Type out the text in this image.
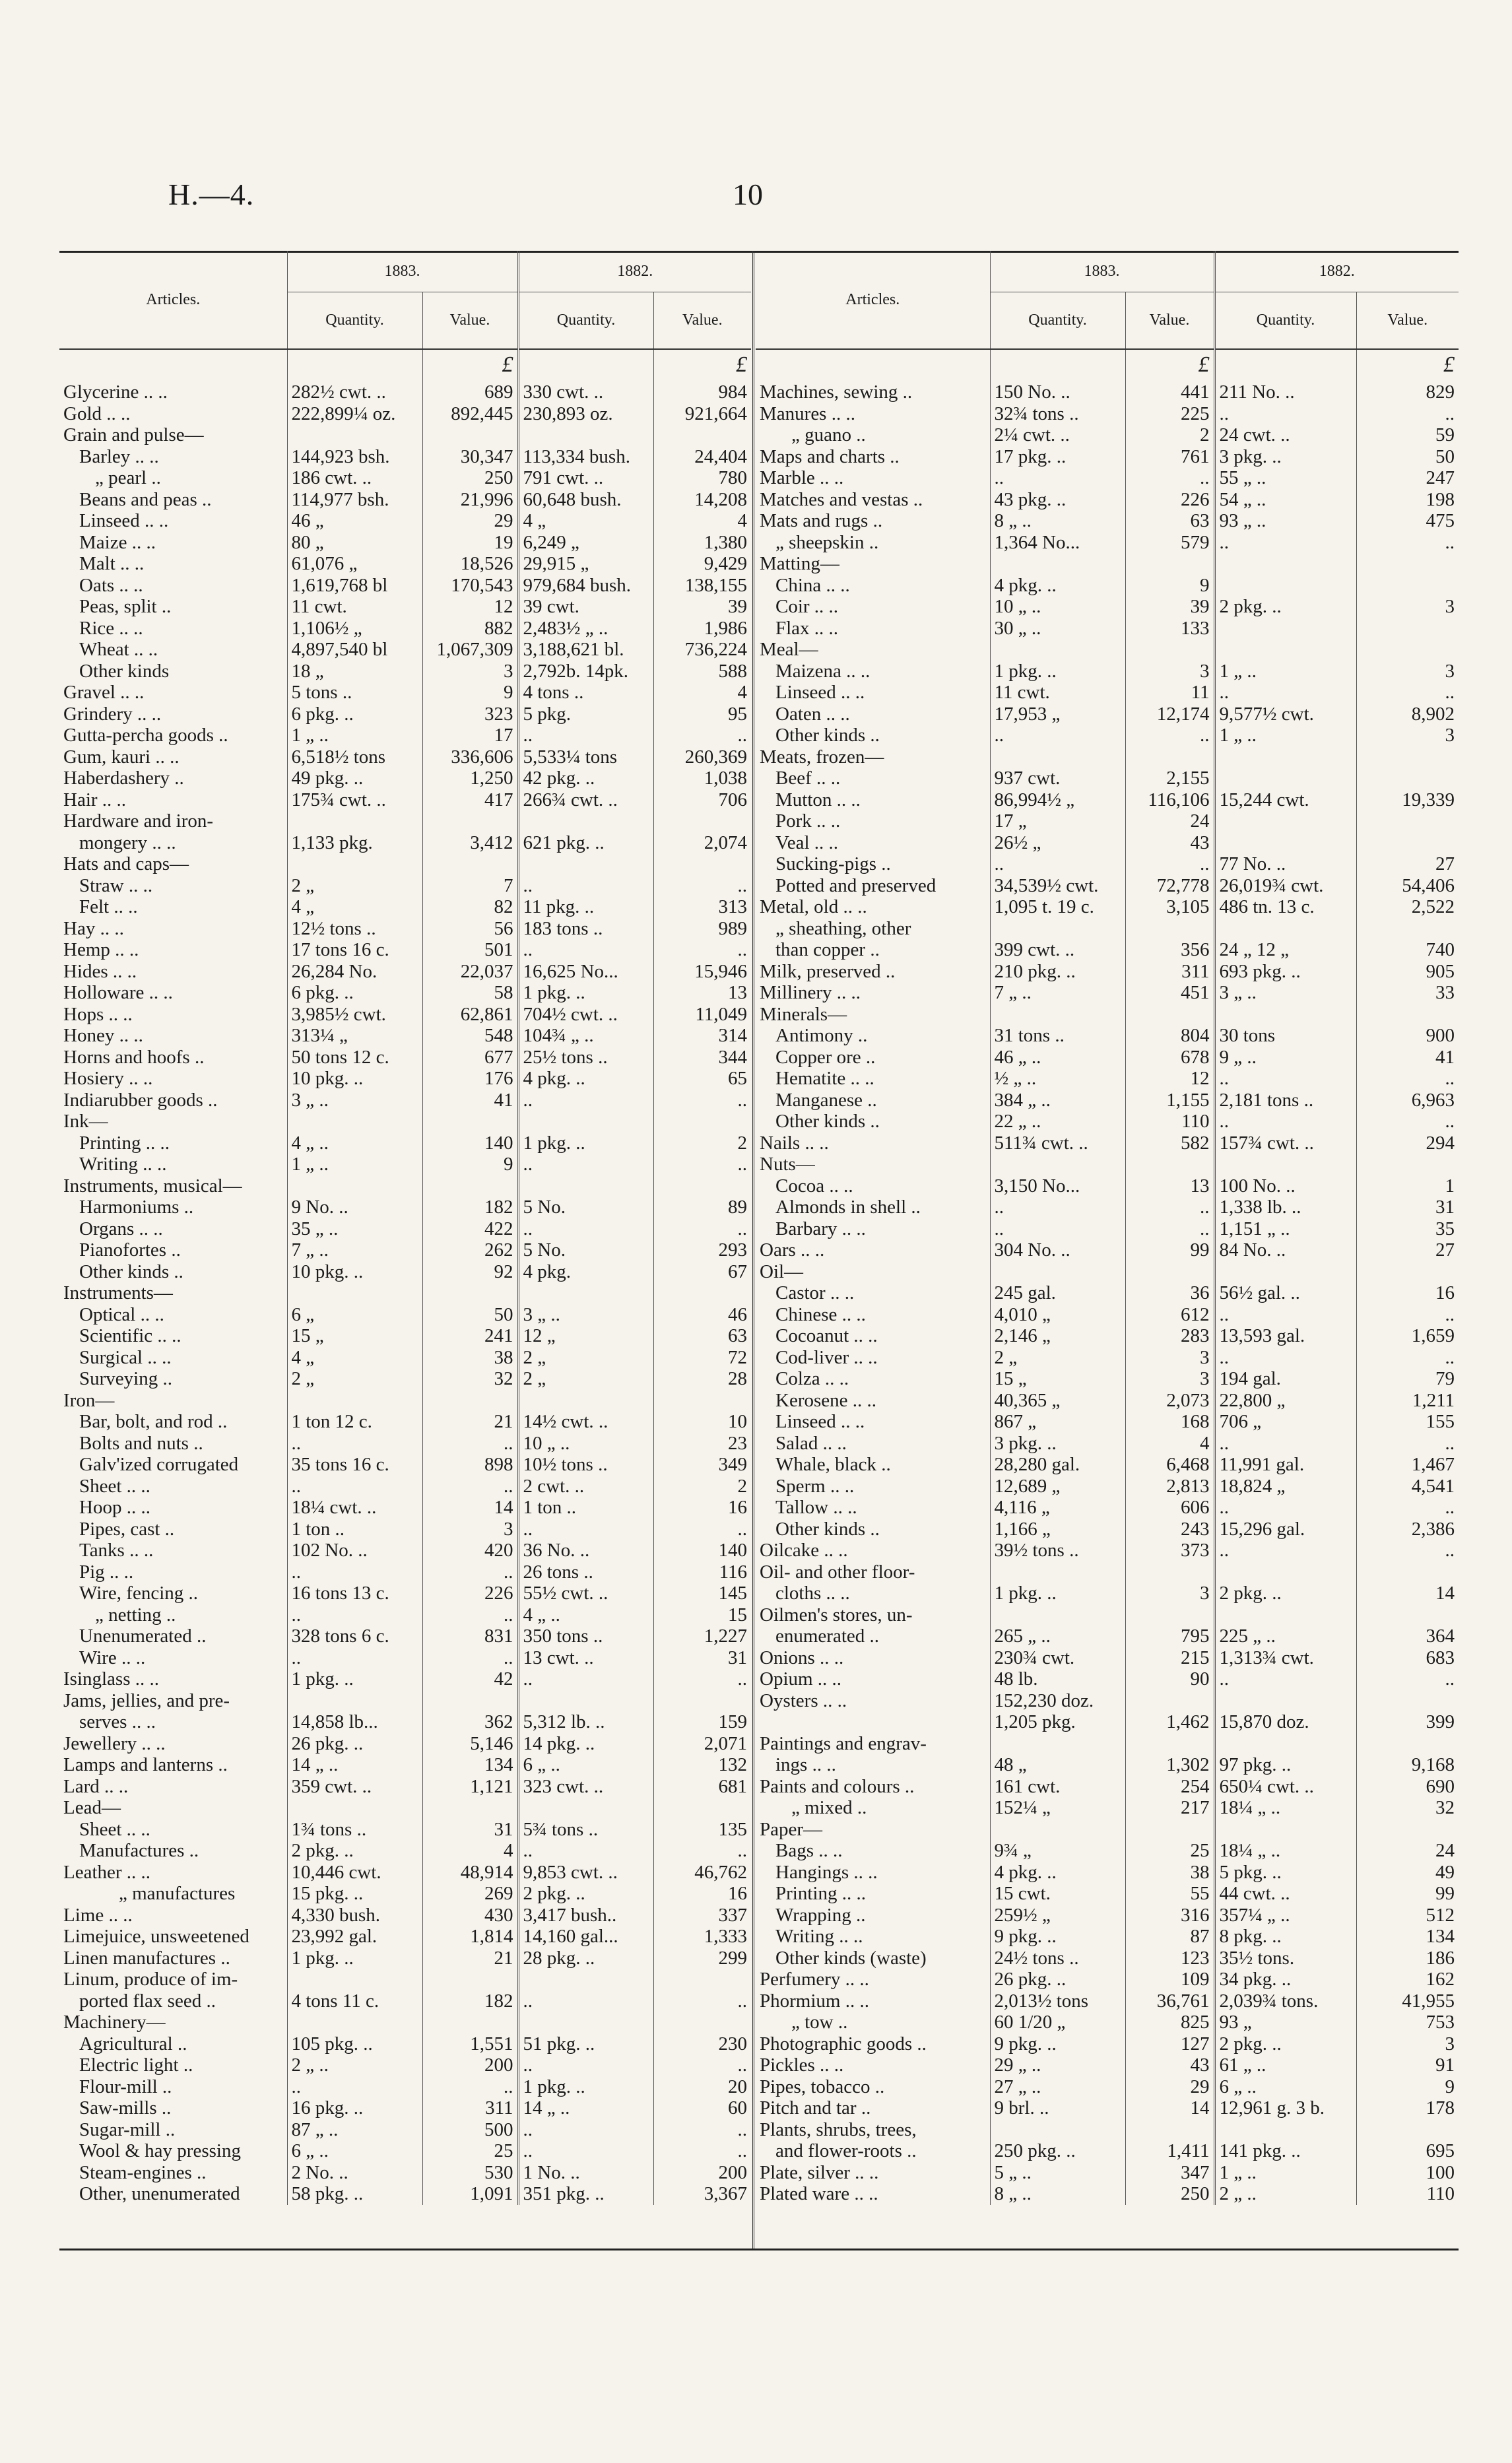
H.—4.	10
Articles.	1883.		1882.	
	Quantity.	Value.	Quantity.	Value.
		£		£
Glycerine .. ..	282½ cwt. ..	689	330 cwt. ..	984
Gold .. ..	222,899¼ oz.	892,445	230,893 oz.	921,664
Grain and pulse—				
Barley .. ..	144,923 bsh.	30,347	113,334 bush.	24,404
„ pearl ..	186 cwt. ..	250	791 cwt. ..	780
Beans and peas ..	114,977 bsh.	21,996	60,648 bush.	14,208
Linseed .. ..	46 „	29	4 „	4
Maize .. ..	80 „	19	6,249 „	1,380
Malt .. ..	61,076 „	18,526	29,915 „	9,429
Oats .. ..	1,619,768 bl	170,543	979,684 bush.	138,155
Peas, split ..	11 cwt.	12	39 cwt.	39
Rice .. ..	1,106½ „	882	2,483½ „ ..	1,986
Wheat .. ..	4,897,540 bl	1,067,309	3,188,621 bl.	736,224
Other kinds	18 „	3	2,792b. 14pk.	588
Gravel .. ..	5 tons ..	9	4 tons ..	4
Grindery .. ..	6 pkg. ..	323	5 pkg.	95
Gutta-percha goods ..	1 „ ..	17	..	..
Gum, kauri .. ..	6,518½ tons	336,606	5,533¼ tons	260,369
Haberdashery ..	49 pkg. ..	1,250	42 pkg. ..	1,038
Hair .. ..	175¾ cwt. ..	417	266¾ cwt. ..	706
Hardware and iron-				
mongery .. ..	1,133 pkg.	3,412	621 pkg. ..	2,074
Hats and caps—				
Straw .. ..	2 „	7	..	..
Felt .. ..	4 „	82	11 pkg. ..	313
Hay .. ..	12½ tons ..	56	183 tons ..	989
Hemp .. ..	17 tons 16 c.	501	..	..
Hides .. ..	26,284 No.	22,037	16,625 No...	15,946
Holloware .. ..	6 pkg. ..	58	1 pkg. ..	13
Hops .. ..	3,985½ cwt.	62,861	704½ cwt. ..	11,049
Honey .. ..	313¼ „	548	104¾ „ ..	314
Horns and hoofs ..	50 tons 12 c.	677	25½ tons ..	344
Hosiery .. ..	10 pkg. ..	176	4 pkg. ..	65
Indiarubber goods ..	3 „ ..	41	..	..
Ink—				
Printing .. ..	4 „ ..	140	1 pkg. ..	2
Writing .. ..	1 „ ..	9	..	..
Instruments, musical—				
Harmoniums ..	9 No. ..	182	5 No.	89
Organs .. ..	35 „ ..	422	..	..
Pianofortes ..	7 „ ..	262	5 No.	293
Other kinds ..	10 pkg. ..	92	4 pkg.	67
Instruments—				
Optical .. ..	6 „	50	3 „ ..	46
Scientific .. ..	15 „	241	12 „	63
Surgical .. ..	4 „	38	2 „	72
Surveying ..	2 „	32	2 „	28
Iron—				
Bar, bolt, and rod ..	1 ton 12 c.	21	14½ cwt. ..	10
Bolts and nuts ..	..	..	10 „ ..	23
Galv'ized corrugated	35 tons 16 c.	898	10½ tons ..	349
Sheet .. ..	..	..	2 cwt. ..	2
Hoop .. ..	18¼ cwt. ..	14	1 ton ..	16
Pipes, cast ..	1 ton ..	3	..	..
Tanks .. ..	102 No. ..	420	36 No. ..	140
Pig .. ..	..	..	26 tons ..	116
Wire, fencing ..	16 tons 13 c.	226	55½ cwt. ..	145
„ netting ..	..	..	4 „ ..	15
Unenumerated ..	328 tons 6 c.	831	350 tons ..	1,227
Wire .. ..	..	..	13 cwt. ..	31
Isinglass .. ..	1 pkg. ..	42	..	..
Jams, jellies, and pre-				
serves .. ..	14,858 lb...	362	5,312 lb. ..	159
Jewellery .. ..	26 pkg. ..	5,146	14 pkg. ..	2,071
Lamps and lanterns ..	14 „ ..	134	6 „ ..	132
Lard .. ..	359 cwt. ..	1,121	323 cwt. ..	681
Lead—				
Sheet .. ..	1¾ tons ..	31	5¾ tons ..	135
Manufactures ..	2 pkg. ..	4	..	..
Leather .. ..	10,446 cwt.	48,914	9,853 cwt. ..	46,762
„ manufactures	15 pkg. ..	269	2 pkg. ..	16
Lime .. ..	4,330 bush.	430	3,417 bush..	337
Limejuice, unsweetened	23,992 gal.	1,814	14,160 gal...	1,333
Linen manufactures ..	1 pkg. ..	21	28 pkg. ..	299
Linum, produce of im-				
ported flax seed ..	4 tons 11 c.	182	..	..
Machinery—				
Agricultural ..	105 pkg. ..	1,551	51 pkg. ..	230
Electric light ..	2 „ ..	200	..	..
Flour-mill ..	..	..	1 pkg. ..	20
Saw-mills ..	16 pkg. ..	311	14 „ ..	60
Sugar-mill ..	87 „ ..	500	..	..
Wool & hay pressing	6 „ ..	25	..	..
Steam-engines ..	2 No. ..	530	1 No. ..	200
Other, unenumerated	58 pkg. ..	1,091	351 pkg. ..	3,367
Articles.	1883.		1882.	
	Quantity.	Value.	Quantity.	Value.
		£		£
Machines, sewing ..	150 No. ..	441	211 No. ..	829
Manures .. ..	32¾ tons ..	225	..	..
„ guano ..	2¼ cwt. ..	2	24 cwt. ..	59
Maps and charts ..	17 pkg. ..	761	3 pkg. ..	50
Marble .. ..	..	..	55 „ ..	247
Matches and vestas ..	43 pkg. ..	226	54 „ ..	198
Mats and rugs ..	8 „ ..	63	93 „ ..	475
„ sheepskin ..	1,364 No...	579	..	..
Matting—				
China .. ..	4 pkg. ..	9		
Coir .. ..	10 „ ..	39	2 pkg. ..	3
Flax .. ..	30 „ ..	133		
Meal—				
Maizena .. ..	1 pkg. ..	3	1 „ ..	3
Linseed .. ..	11 cwt.	11	..	..
Oaten .. ..	17,953 „	12,174	9,577½ cwt.	8,902
Other kinds ..	..	..	1 „ ..	3
Meats, frozen—				
Beef .. ..	937 cwt.	2,155		
Mutton .. ..	86,994½ „	116,106	15,244 cwt.	19,339
Pork .. ..	17 „	24		
Veal .. ..	26½ „	43		
Sucking-pigs ..	..	..	77 No. ..	27
Potted and preserved	34,539½ cwt.	72,778	26,019¾ cwt.	54,406
Metal, old .. ..	1,095 t. 19 c.	3,105	486 tn. 13 c.	2,522
„ sheathing, other				
than copper ..	399 cwt. ..	356	24 „ 12 „	740
Milk, preserved ..	210 pkg. ..	311	693 pkg. ..	905
Millinery .. ..	7 „ ..	451	3 „ ..	33
Minerals—				
Antimony ..	31 tons ..	804	30 tons	900
Copper ore ..	46 „ ..	678	9 „ ..	41
Hematite .. ..	½ „ ..	12	..	..
Manganese ..	384 „ ..	1,155	2,181 tons ..	6,963
Other kinds ..	22 „ ..	110	..	..
Nails .. ..	511¾ cwt. ..	582	157¾ cwt. ..	294
Nuts—				
Cocoa .. ..	3,150 No...	13	100 No. ..	1
Almonds in shell ..	..	..	1,338 lb. ..	31
Barbary .. ..	..	..	1,151 „ ..	35
Oars .. ..	304 No. ..	99	84 No. ..	27
Oil—				
Castor .. ..	245 gal.	36	56½ gal. ..	16
Chinese .. ..	4,010 „	612	..	..
Cocoanut .. ..	2,146 „	283	13,593 gal.	1,659
Cod-liver .. ..	2 „	3	..	..
Colza .. ..	15 „	3	194 gal.	79
Kerosene .. ..	40,365 „	2,073	22,800 „	1,211
Linseed .. ..	867 „	168	706 „	155
Salad .. ..	3 pkg. ..	4	..	..
Whale, black ..	28,280 gal.	6,468	11,991 gal.	1,467
Sperm .. ..	12,689 „	2,813	18,824 „	4,541
Tallow .. ..	4,116 „	606	..	..
Other kinds ..	1,166 „	243	15,296 gal.	2,386
Oilcake .. ..	39½ tons ..	373	..	..
Oil- and other floor-				
cloths .. ..	1 pkg. ..	3	2 pkg. ..	14
Oilmen's stores, un-				
enumerated ..	265 „ ..	795	225 „ ..	364
Onions .. ..	230¾ cwt.	215	1,313¾ cwt.	683
Opium .. ..	48 lb.	90	..	..
Oysters .. ..	152,230 doz.			
	1,205 pkg.	1,462	15,870 doz.	399
Paintings and engrav-				
ings .. ..	48 „	1,302	97 pkg. ..	9,168
Paints and colours ..	161 cwt.	254	650¼ cwt. ..	690
„ mixed ..	152¼ „	217	18¼ „ ..	32
Paper—				
Bags .. ..	9¾ „	25	18¼ „ ..	24
Hangings .. ..	4 pkg. ..	38	5 pkg. ..	49
Printing .. ..	15 cwt.	55	44 cwt. ..	99
Wrapping ..	259½ „	316	357¼ „ ..	512
Writing .. ..	9 pkg. ..	87	8 pkg. ..	134
Other kinds (waste)	24½ tons ..	123	35½ tons.	186
Perfumery .. ..	26 pkg. ..	109	34 pkg. ..	162
Phormium .. ..	2,013½ tons	36,761	2,039¾ tons.	41,955
„ tow ..	60 1/20 „	825	93 „	753
Photographic goods ..	9 pkg. ..	127	2 pkg. ..	3
Pickles .. ..	29 „ ..	43	61 „ ..	91
Pipes, tobacco ..	27 „ ..	29	6 „ ..	9
Pitch and tar ..	9 brl. ..	14	12,961 g. 3 b.	178
Plants, shrubs, trees,				
and flower-roots ..	250 pkg. ..	1,411	141 pkg. ..	695
Plate, silver .. ..	5 „ ..	347	1 „ ..	100
Plated ware .. ..	8 „ ..	250	2 „ ..	110
